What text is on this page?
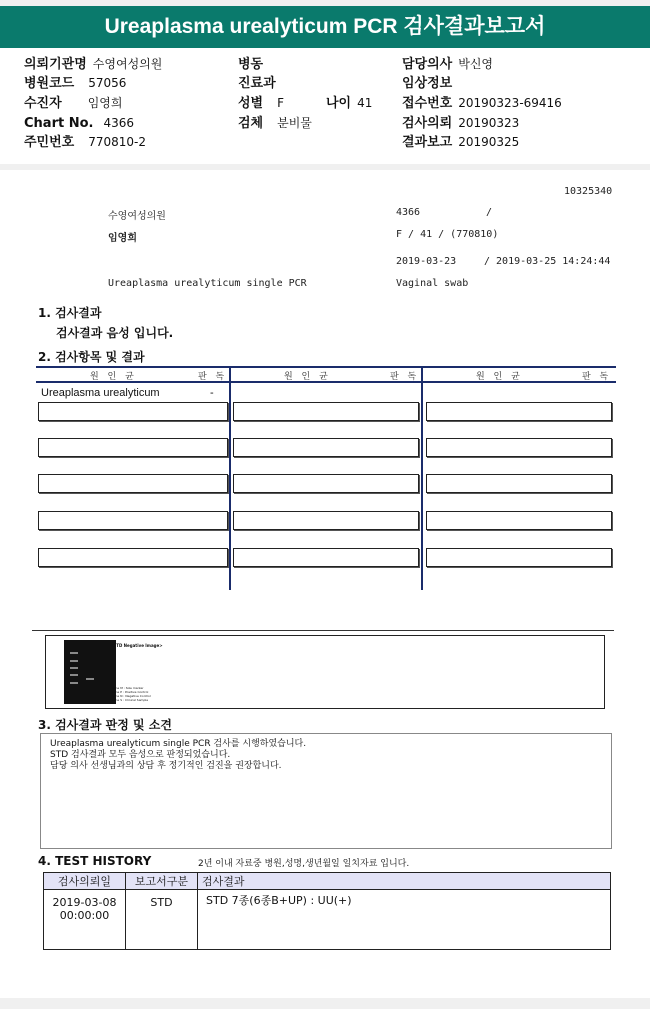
Ureaplasma urealyticum PCR 검사결과보고서
의뢰기관명 수영여성의원
병원코드 57056
수진자 임영희
Chart No. 4366
주민번호 770810-2
병동
진료과
성별 F	나이 41
검체 분비물
담당의사 박신영
임상정보
접수번호 20190323-69416
검사의뢰 20190323
결과보고 20190325
10325340
수영여성의원	4366	/
임영희	F / 41 / (770810)
2019-03-23	/ 2019-03-25 14:24:44
Ureaplasma urealyticum single PCR	Vaginal swab
1. 검사결과
검사결과 음성 입니다.
2. 검사항목 및 결과
원 인 균	판 독	원 인 균	판 독	원 인 균	판 독
Ureaplasma urealyticum	-
<STD Negative Image>
Lane M : Size marker
Lane P : Positive Control
Lane N : Negative Control
Lane S : Clinical Sample
3. 검사결과 판정 및 소견
Ureaplasma urealyticum single PCR 검사를 시행하였습니다.
STD 검사결과 모두 음성으로 판정되었습니다.
담당 의사 선생님과의 상담 후 정기적인 검진을 권장합니다.
4. TEST HISTORY	2년 이내 자료중 병원,성명,생년월일 일치자료 입니다.
검사의뢰일	보고서구분	검사결과

2019-03-08
00:00:00	STD	STD 7종(6종B+UP) : UU(+)
